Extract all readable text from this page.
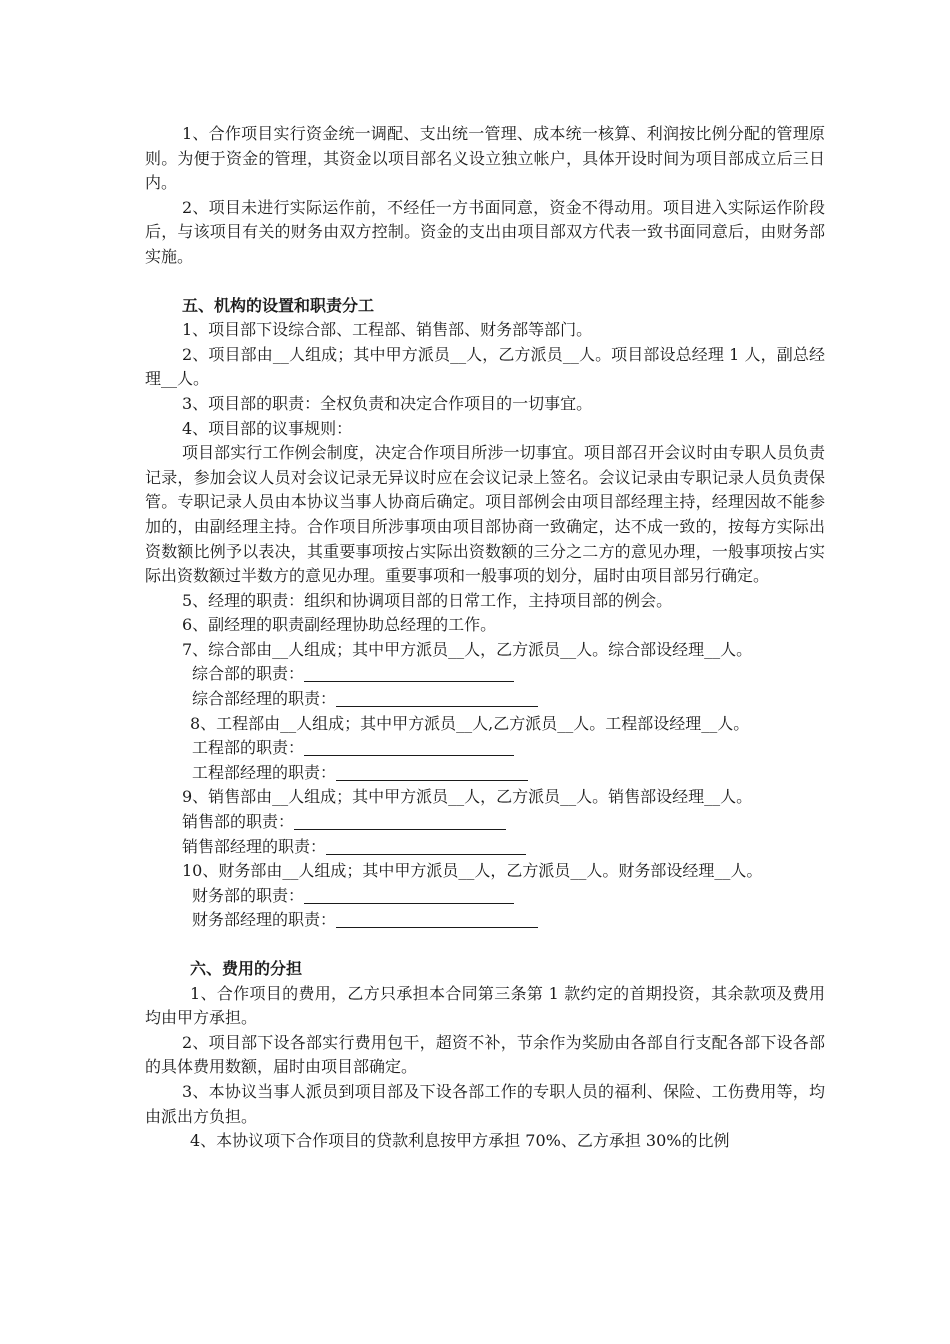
1、合作项目实行资金统一调配、支出统一管理、成本统一核算、利润按比例分配的管理原则。为便于资金的管理，其资金以项目部名义设立独立帐户，具体开设时间为项目部成立后三日内。

2、项目未进行实际运作前，不经任一方书面同意，资金不得动用。项目进入实际运作阶段后，与该项目有关的财务由双方控制。资金的支出由项目部双方代表一致书面同意后，由财务部实施。

五、机构的设置和职责分工

1、项目部下设综合部、工程部、销售部、财务部等部门。

2、项目部由__人组成；其中甲方派员__人，乙方派员__人。项目部设总经理 1 人，副总经理__人。

3、项目部的职责：全权负责和决定合作项目的一切事宜。

4、项目部的议事规则：

项目部实行工作例会制度，决定合作项目所涉一切事宜。项目部召开会议时由专职人员负责记录，参加会议人员对会议记录无异议时应在会议记录上签名。会议记录由专职记录人员负责保管。专职记录人员由本协议当事人协商后确定。项目部例会由项目部经理主持，经理因故不能参加的，由副经理主持。合作项目所涉事项由项目部协商一致确定，达不成一致的，按每方实际出资数额比例予以表决，其重要事项按占实际出资数额的三分之二方的意见办理，一般事项按占实际出资数额过半数方的意见办理。重要事项和一般事项的划分，届时由项目部另行确定。

5、经理的职责：组织和协调项目部的日常工作，主持项目部的例会。

6、副经理的职责副经理协助总经理的工作。

7、综合部由__人组成；其中甲方派员__人，乙方派员__人。综合部设经理__人。

综合部的职责：

综合部经理的职责：

8、工程部由__人组成；其中甲方派员__人,乙方派员__人。工程部设经理__人。

工程部的职责：

工程部经理的职责：

9、销售部由__人组成；其中甲方派员__人，乙方派员__人。销售部设经理__人。

销售部的职责：

销售部经理的职责：

10、财务部由__人组成；其中甲方派员__人，乙方派员__人。财务部设经理__人。

财务部的职责：

财务部经理的职责：

六、费用的分担

1、合作项目的费用，乙方只承担本合同第三条第 1 款约定的首期投资，其余款项及费用均由甲方承担。

2、项目部下设各部实行费用包干，超资不补，节余作为奖励由各部自行支配各部下设各部的具体费用数额，届时由项目部确定。

3、本协议当事人派员到项目部及下设各部工作的专职人员的福利、保险、工伤费用等，均由派出方负担。

4、本协议项下合作项目的贷款利息按甲方承担 70%、乙方承担 30%的比例
